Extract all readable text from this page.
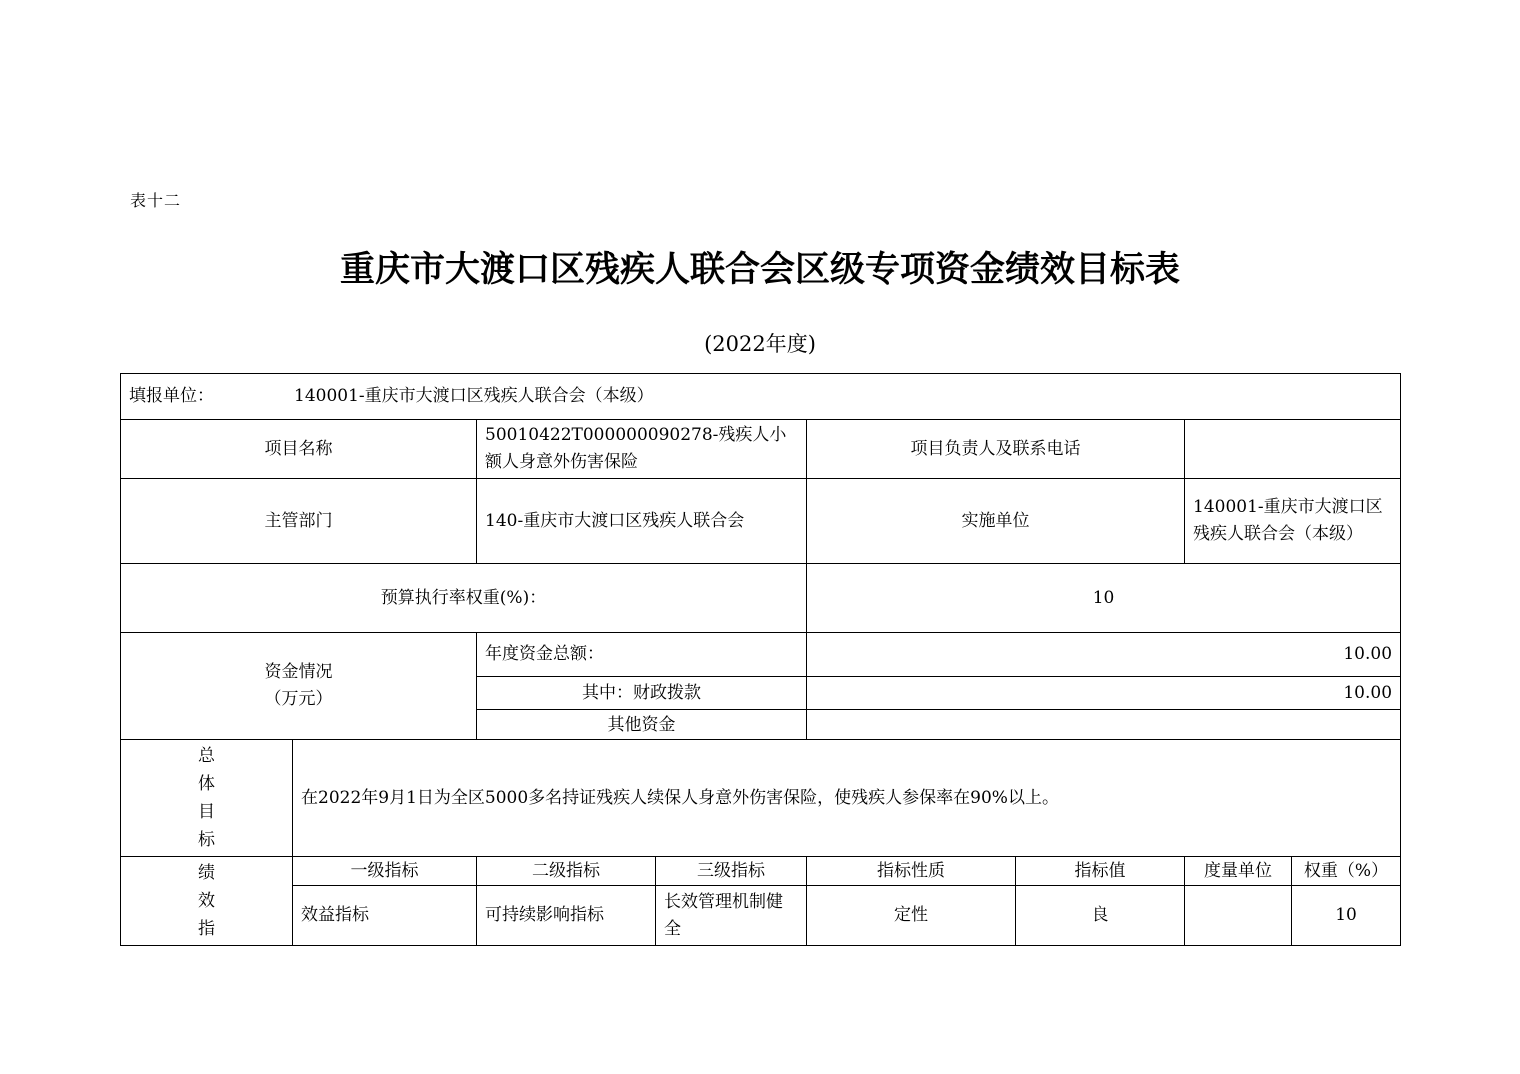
表十二
重庆市大渡口区残疾人联合会区级专项资金绩效目标表
(2022年度)
填报单位： 140001-重庆市大渡口区残疾人联合会（本级）							
项目名称		50010422T000000090278-残疾人小额人身意外伤害保险		项目负责人及联系电话			
主管部门		140-重庆市大渡口区残疾人联合会		实施单位		140001-重庆市大渡口区残疾人联合会（本级）	
预算执行率权重(%)：				10			

资金情况
（万元）		年度资金总额：		10.00			
		其中：财政拨款		10.00			
		其他资金					

总
体
目
标	在2022年9月1日为全区5000多名持证残疾人续保人身意外伤害保险，使残疾人参保率在90%以上。						

绩
效
指	一级指标	二级指标	三级指标	指标性质	指标值	度量单位	权重（%）
	效益指标	可持续影响指标	长效管理机制健全	定性	良		10
